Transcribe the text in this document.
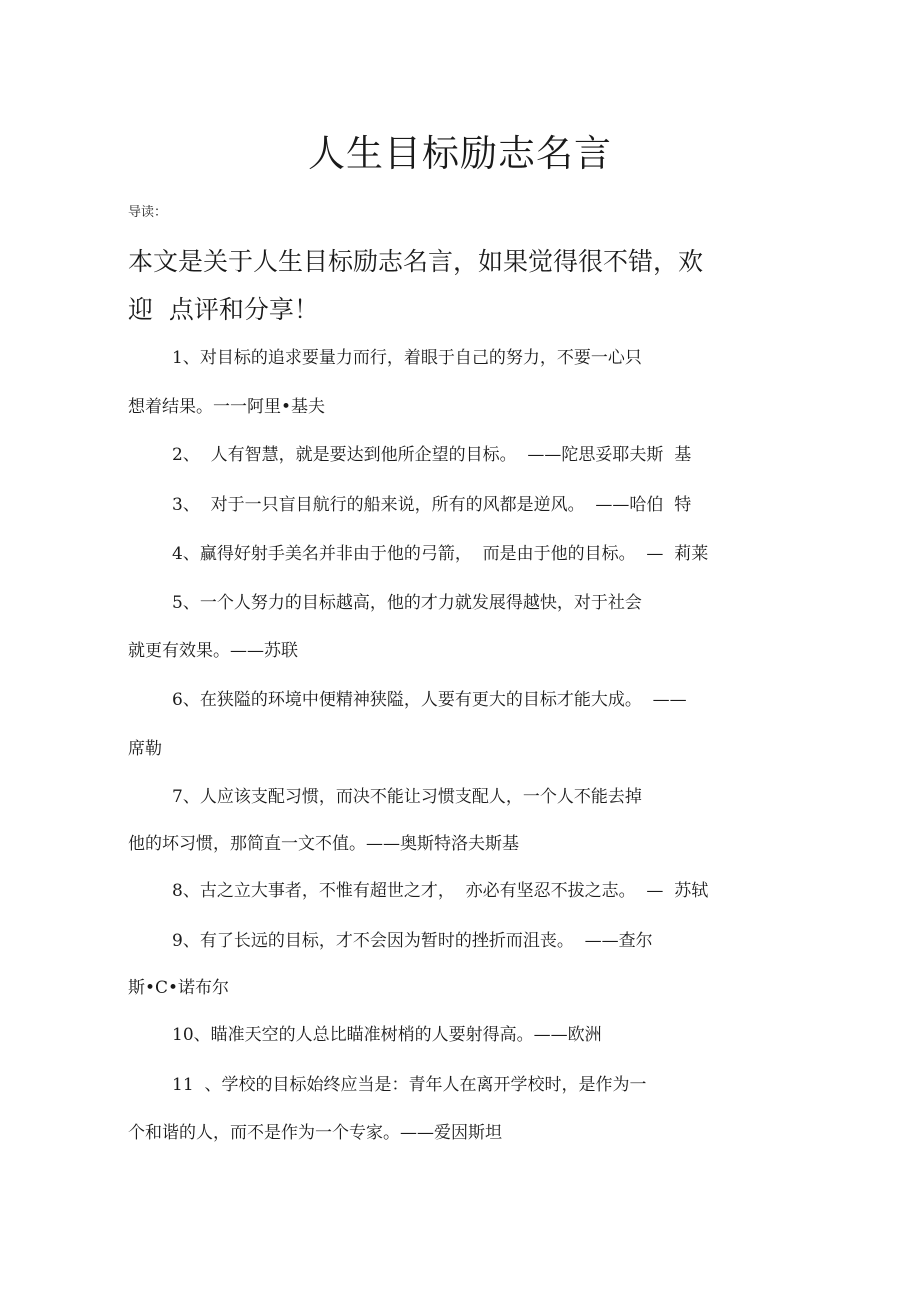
人生目标励志名言
导读：
本文是关于人生目标励志名言，如果觉得很不错，欢
迎  点评和分享！
1、对目标的追求要量力而行，着眼于自己的努力，不要一心只
想着结果。一一阿里•基夫
2、  人有智慧，就是要达到他所企望的目标。  ——陀思妥耶夫斯  基
3、  对于一只盲目航行的船来说，所有的风都是逆风。  ——哈伯  特
4、赢得好射手美名并非由于他的弓箭，  而是由于他的目标。  —  莉莱
5、一个人努力的目标越高，他的才力就发展得越快，对于社会
就更有效果。——苏联
6、在狭隘的环境中便精神狭隘，人要有更大的目标才能大成。  ——
席勒
7、人应该支配习惯，而决不能让习惯支配人，一个人不能去掉
他的坏习惯，那简直一文不值。——奥斯特洛夫斯基
8、古之立大事者，不惟有超世之才，  亦必有坚忍不拔之志。  —  苏轼
9、有了长远的目标，才不会因为暂时的挫折而沮丧。  ——查尔
斯•C•诺布尔
10、瞄准天空的人总比瞄准树梢的人要射得高。——欧洲
11  、学校的目标始终应当是：青年人在离开学校时，是作为一
个和谐的人，而不是作为一个专家。——爱因斯坦
